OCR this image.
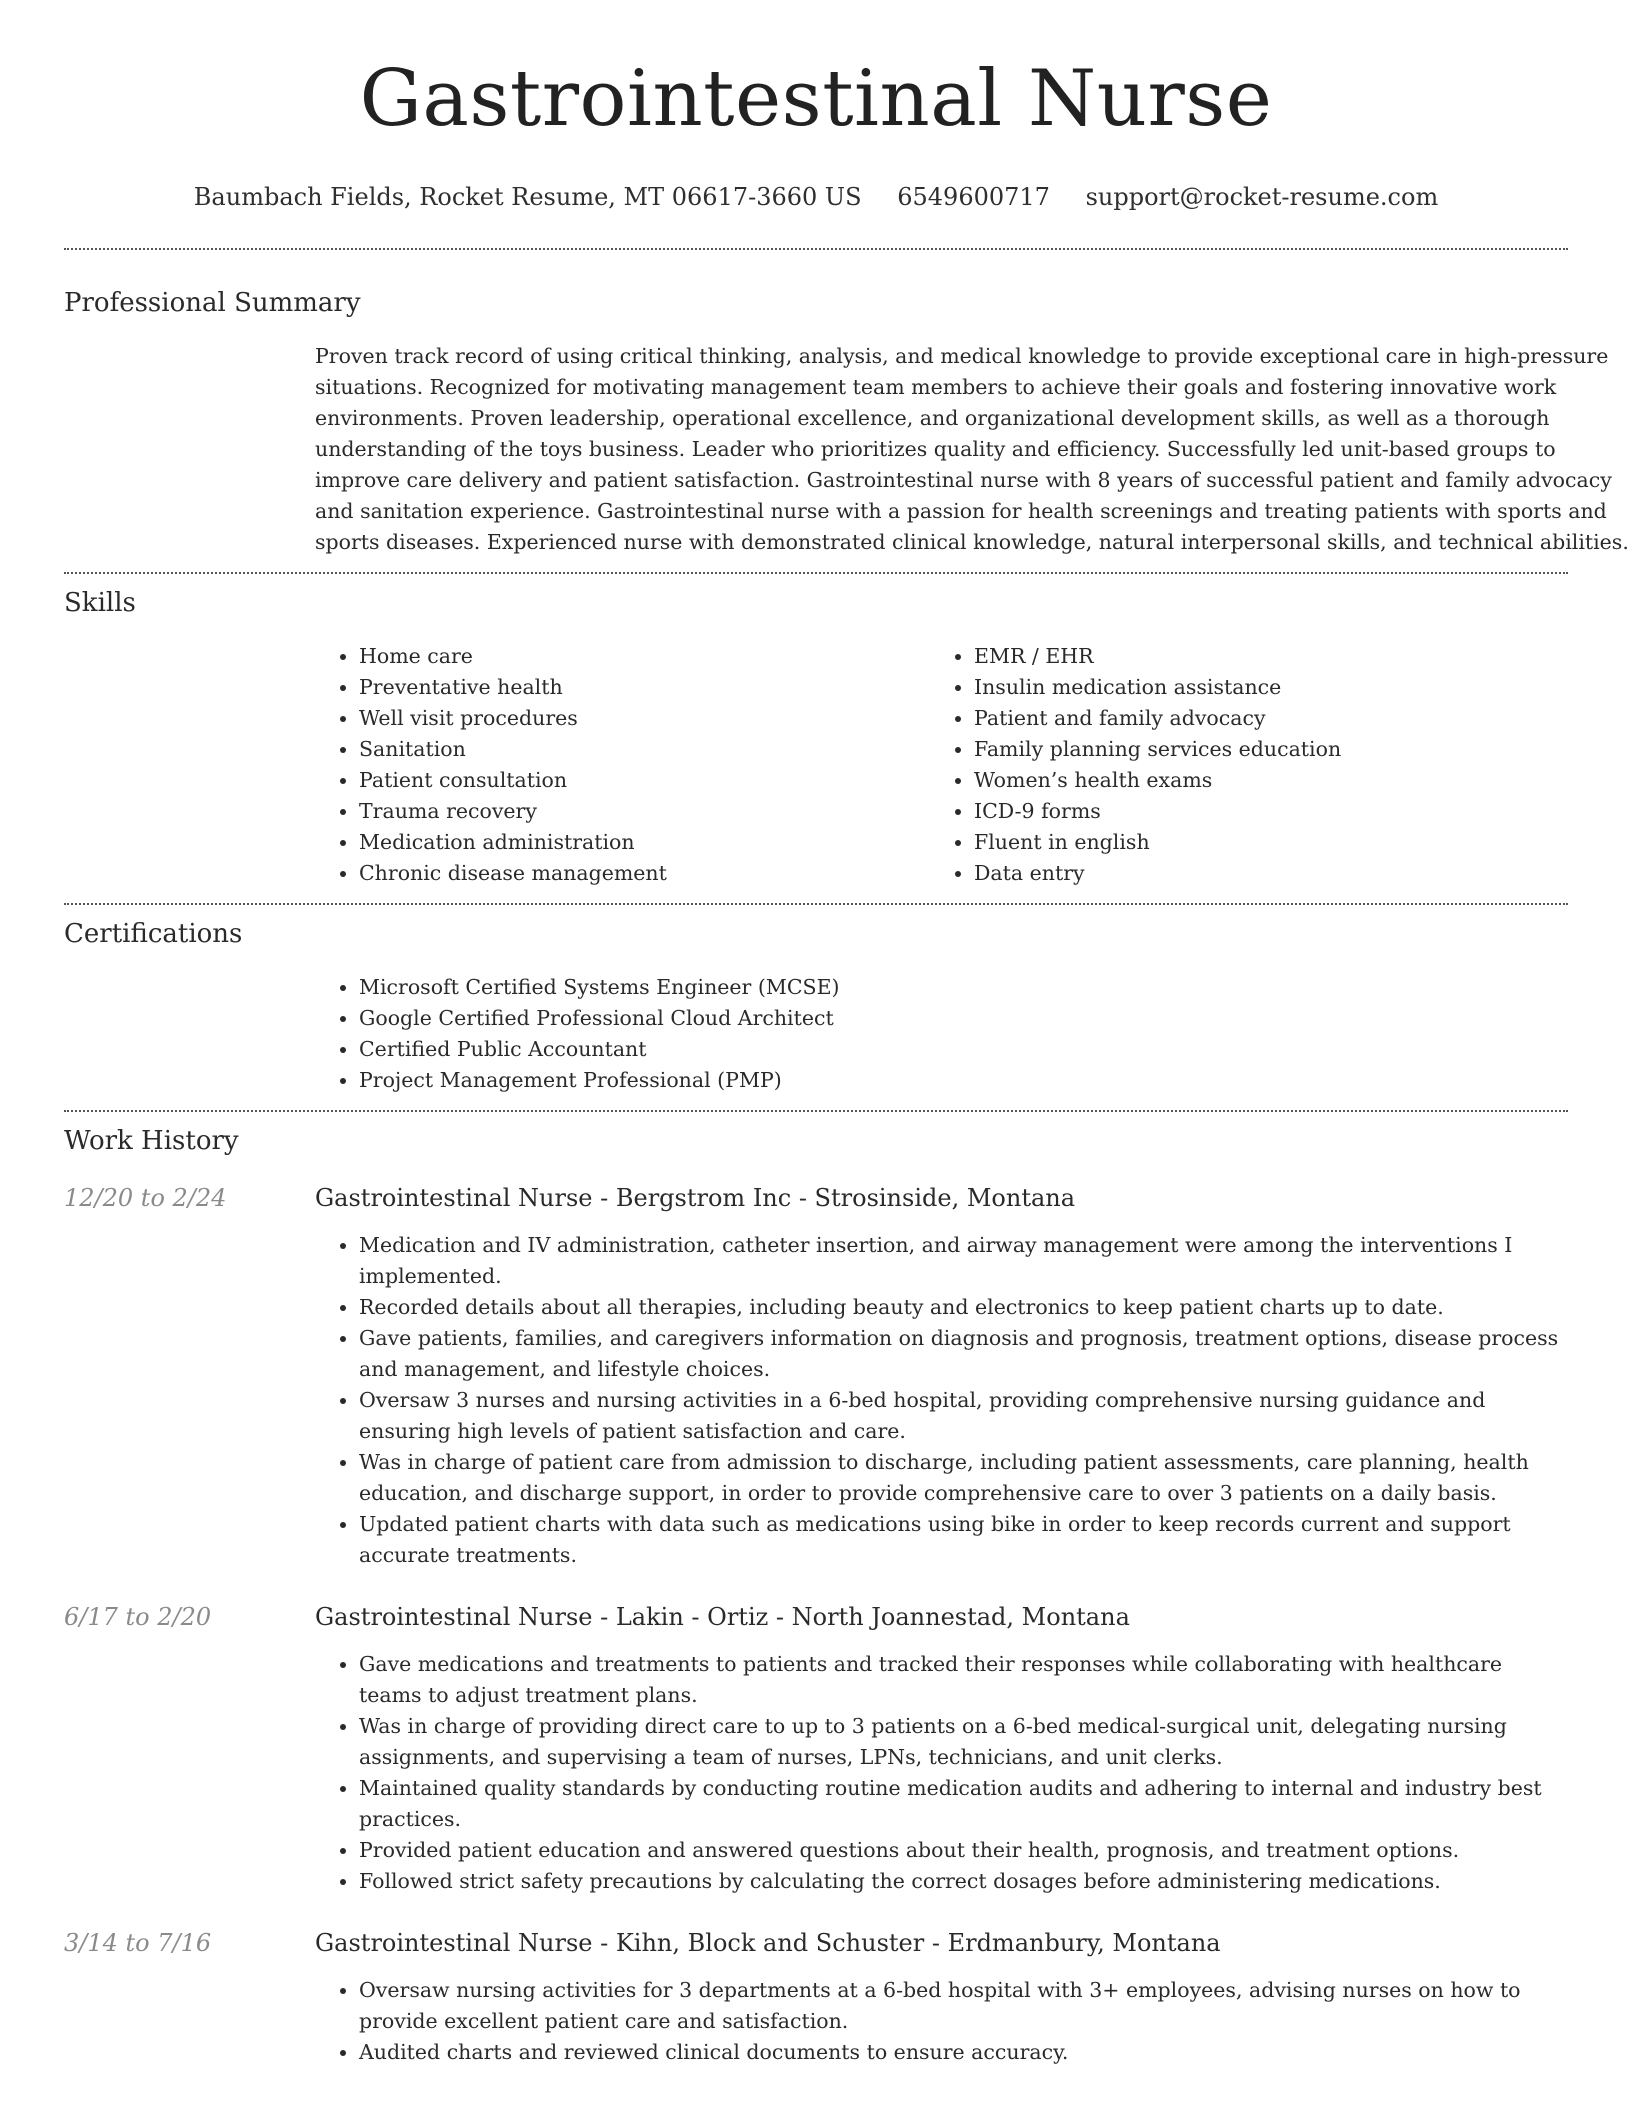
Gastrointestinal Nurse
Baumbach Fields, Rocket Resume, MT 06617-3660 US 6549600717 support@rocket-resume.com
Professional Summary
Proven track record of using critical thinking, analysis, and medical knowledge to provide exceptional care in high-pressure situations. Recognized for motivating management team members to achieve their goals and fostering innovative work environments. Proven leadership, operational excellence, and organizational development skills, as well as a thorough understanding of the toys business. Leader who prioritizes quality and efficiency. Successfully led unit-based groups to improve care delivery and patient satisfaction. Gastrointestinal nurse with 8 years of successful patient and family advocacy and sanitation experience. Gastrointestinal nurse with a passion for health screenings and treating patients with sports and sports diseases. Experienced nurse with demonstrated clinical knowledge, natural interpersonal skills, and technical abilities.
Skills
• Home care
• Preventative health
• Well visit procedures
• Sanitation
• Patient consultation
• Trauma recovery
• Medication administration
• Chronic disease management
• EMR / EHR
• Insulin medication assistance
• Patient and family advocacy
• Family planning services education
• Women’s health exams
• ICD-9 forms
• Fluent in english
• Data entry
Certifications
• Microsoft Certified Systems Engineer (MCSE)
• Google Certified Professional Cloud Architect
• Certified Public Accountant
• Project Management Professional (PMP)
Work History
12/20 to 2/24	Gastrointestinal Nurse - Bergstrom Inc - Strosinside, Montana
• Medication and IV administration, catheter insertion, and airway management were among the interventions I implemented.
• Recorded details about all therapies, including beauty and electronics to keep patient charts up to date.
• Gave patients, families, and caregivers information on diagnosis and prognosis, treatment options, disease process and management, and lifestyle choices.
• Oversaw 3 nurses and nursing activities in a 6-bed hospital, providing comprehensive nursing guidance and ensuring high levels of patient satisfaction and care.
• Was in charge of patient care from admission to discharge, including patient assessments, care planning, health education, and discharge support, in order to provide comprehensive care to over 3 patients on a daily basis.
• Updated patient charts with data such as medications using bike in order to keep records current and support accurate treatments.
6/17 to 2/20	Gastrointestinal Nurse - Lakin - Ortiz - North Joannestad, Montana
• Gave medications and treatments to patients and tracked their responses while collaborating with healthcare teams to adjust treatment plans.
• Was in charge of providing direct care to up to 3 patients on a 6-bed medical-surgical unit, delegating nursing assignments, and supervising a team of nurses, LPNs, technicians, and unit clerks.
• Maintained quality standards by conducting routine medication audits and adhering to internal and industry best practices.
• Provided patient education and answered questions about their health, prognosis, and treatment options.
• Followed strict safety precautions by calculating the correct dosages before administering medications.
3/14 to 7/16	Gastrointestinal Nurse - Kihn, Block and Schuster - Erdmanbury, Montana
• Oversaw nursing activities for 3 departments at a 6-bed hospital with 3+ employees, advising nurses on how to provide excellent patient care and satisfaction.
• Audited charts and reviewed clinical documents to ensure accuracy.
